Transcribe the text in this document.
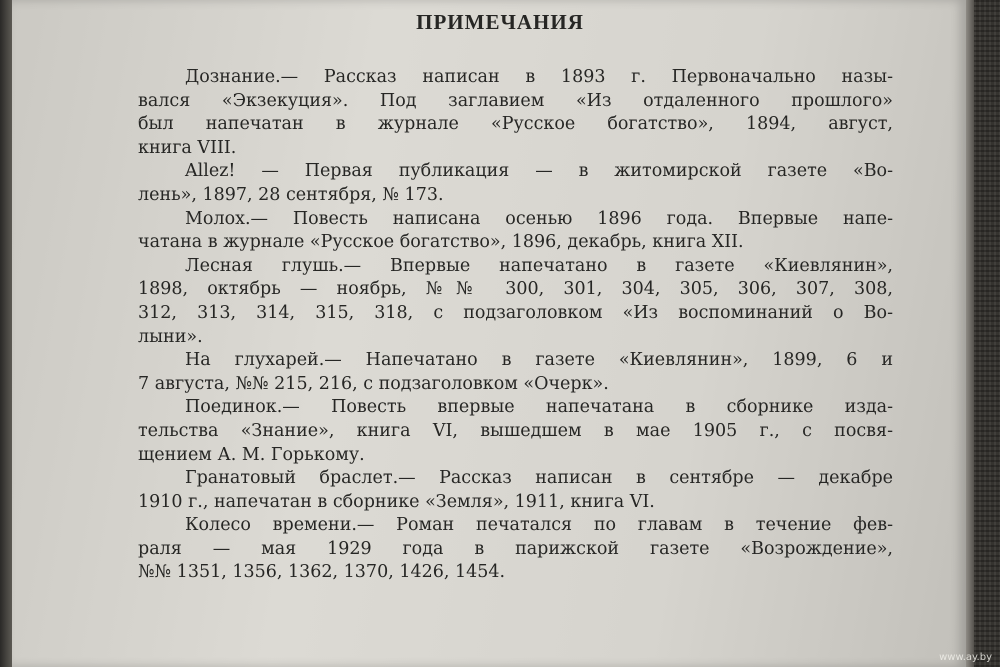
ПРИМЕЧАНИЯ
Дознание.— Рассказ написан в 1893 г. Первоначально назы-
вался «Экзекуция». Под заглавием «Из отдаленного прошлого»
был напечатан в журнале «Русское богатство», 1894, август,
книга VIII.
Allez! — Первая публикация — в житомирской газете «Во-
лень», 1897, 28 сентября, № 173.
Молох.— Повесть написана осенью 1896 года. Впервые напе-
чатана в журнале «Русское богатство», 1896, декабрь, книга XII.
Лесная глушь.— Впервые напечатано в газете «Киевлянин»,
1898, октябрь — ноябрь, №№ 300, 301, 304, 305, 306, 307, 308,
312, 313, 314, 315, 318, с подзаголовком «Из воспоминаний о Во-
лыни».
На глухарей.— Напечатано в газете «Киевлянин», 1899, 6 и
7 августа, №№ 215, 216, с подзаголовком «Очерк».
Поединок.— Повесть впервые напечатана в сборнике изда-
тельства «Знание», книга VI, вышедшем в мае 1905 г., с посвя-
щением А. М. Горькому.
Гранатовый браслет.— Рассказ написан в сентябре — декабре
1910 г., напечатан в сборнике «Земля», 1911, книга VI.
Колесо времени.— Роман печатался по главам в течение фев-
раля — мая 1929 года в парижской газете «Возрождение»,
№№ 1351, 1356, 1362, 1370, 1426, 1454.
www.ay.by
